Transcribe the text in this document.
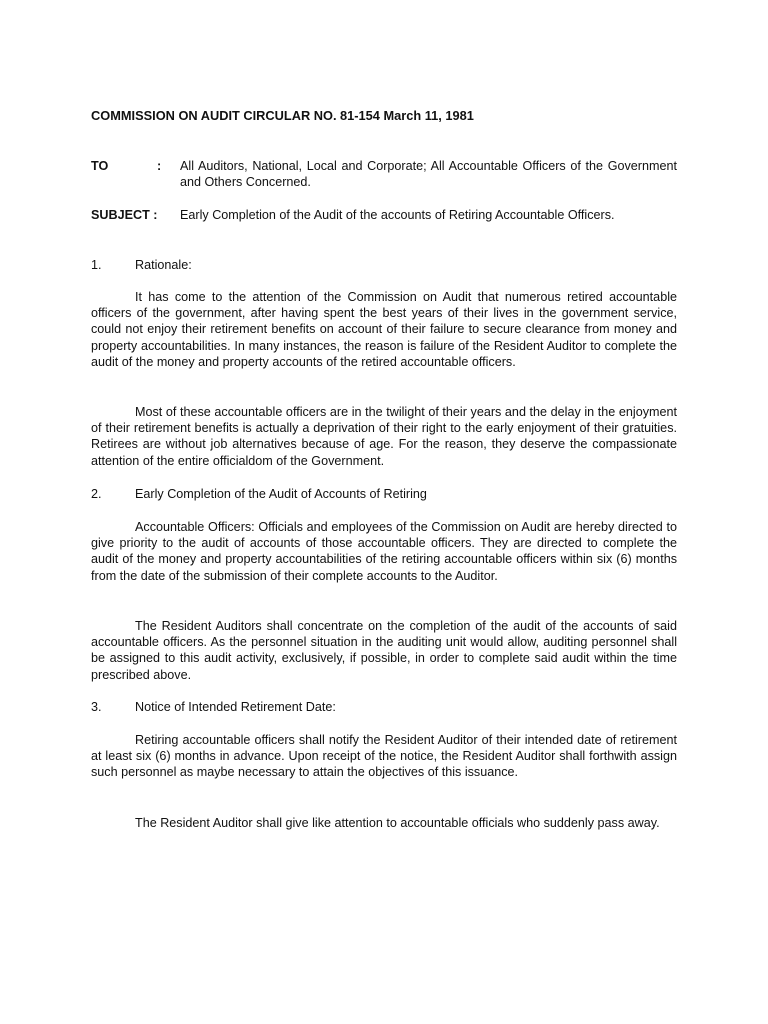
COMMISSION ON AUDIT CIRCULAR NO. 81-154 March 11, 1981
TO	: All Auditors, National, Local and Corporate; All Accountable Officers of the Government and Others Concerned.
SUBJECT : Early Completion of the Audit of the accounts of Retiring Accountable Officers.
1.	Rationale:

It has come to the attention of the Commission on Audit that numerous retired accountable officers of the government, after having spent the best years of their lives in the government service, could not enjoy their retirement benefits on account of their failure to secure clearance from money and property accountabilities. In many instances, the reason is failure of the Resident Auditor to complete the audit of the money and property accounts of the retired accountable officers.

Most of these accountable officers are in the twilight of their years and the delay in the enjoyment of their retirement benefits is actually a deprivation of their right to the early enjoyment of their gratuities. Retirees are without job alternatives because of age. For the reason, they deserve the compassionate attention of the entire officialdom of the Government.

2.	Early Completion of the Audit of Accounts of Retiring

Accountable Officers: Officials and employees of the Commission on Audit are hereby directed to give priority to the audit of accounts of those accountable officers. They are directed to complete the audit of the money and property accountabilities of the retiring accountable officers within six (6) months from the date of the submission of their complete accounts to the Auditor.

The Resident Auditors shall concentrate on the completion of the audit of the accounts of said accountable officers. As the personnel situation in the auditing unit would allow, auditing personnel shall be assigned to this audit activity, exclusively, if possible, in order to complete said audit within the time prescribed above.

3.	Notice of Intended Retirement Date:

Retiring accountable officers shall notify the Resident Auditor of their intended date of retirement at least six (6) months in advance. Upon receipt of the notice, the Resident Auditor shall forthwith assign such personnel as maybe necessary to attain the objectives of this issuance.

The Resident Auditor shall give like attention to accountable officials who suddenly pass away.
